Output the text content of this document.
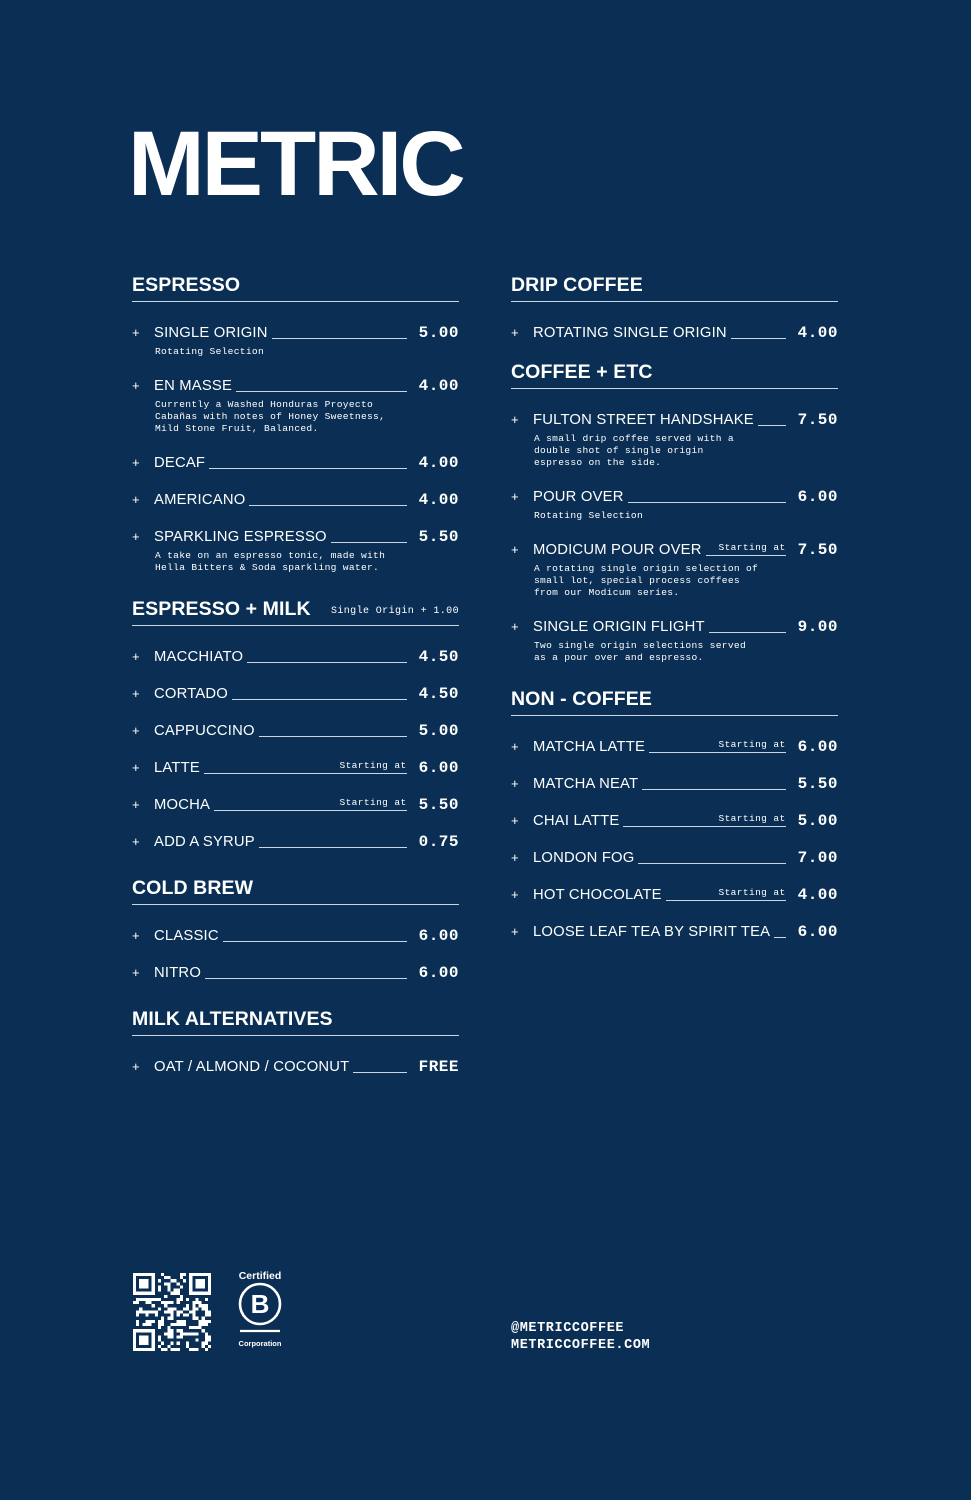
METRIC
ESPRESSO
+ SINGLE ORIGIN	5.00
Rotating Selection
+ EN MASSE	4.00
Currently a Washed Honduras Proyecto
Cabañas with notes of Honey Sweetness,
Mild Stone Fruit, Balanced.
+ DECAF	4.00
+ AMERICANO	4.00
+ SPARKLING ESPRESSO	5.50
A take on an espresso tonic, made with
Hella Bitters & Soda sparkling water.
ESPRESSO + MILK Single Origin + 1.00
+ MACCHIATO	4.50
+ CORTADO	4.50
+ CAPPUCCINO	5.00
+ LATTE	Starting at 6.00
+ MOCHA	Starting at 5.50
+ ADD A SYRUP	0.75
COLD BREW
+ CLASSIC	6.00
+ NITRO	6.00
MILK ALTERNATIVES
+ OAT / ALMOND / COCONUT	FREE
DRIP COFFEE
+ ROTATING SINGLE ORIGIN	4.00
COFFEE + ETC
+ FULTON STREET HANDSHAKE	7.50
A small drip coffee served with a
double shot of single origin
espresso on the side.
+ POUR OVER	6.00
Rotating Selection
+ MODICUM POUR OVER	Starting at 7.50
A rotating single origin selection of
small lot, special process coffees
from our Modicum series.
+ SINGLE ORIGIN FLIGHT	9.00
Two single origin selections served
as a pour over and espresso.
NON - COFFEE
+ MATCHA LATTE	Starting at 6.00
+ MATCHA NEAT	5.50
+ CHAI LATTE	Starting at 5.00
+ LONDON FOG	7.00
+ HOT CHOCOLATE	Starting at 4.00
+ LOOSE LEAF TEA BY SPIRIT TEA 6.00
Certified
B
Corporation
@METRICCOFFEE
METRICCOFFEE.COM
